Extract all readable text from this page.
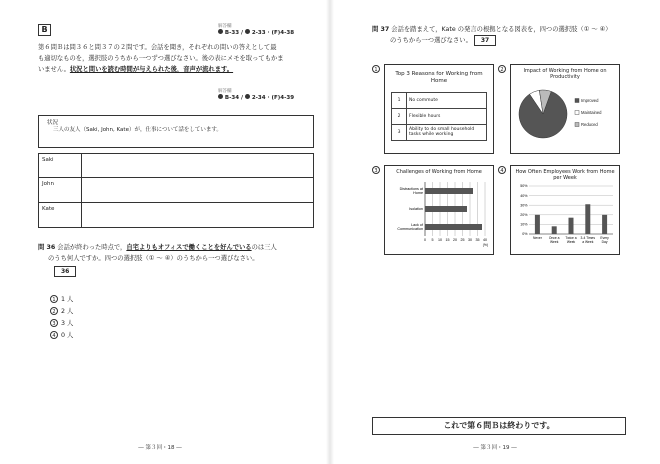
B	解答欄
B-33 /  2-33 · (F)4-38
第６問Ｂは問３６と問３７の２問です。会話を聞き，それぞれの問いの答えとして最
も適切なものを，選択肢のうちから一つずつ選びなさい。後の表にメモを取ってもかま
いません。状況と問いを読む時間が与えられた後，音声が流れます。
解答欄
B-34 /  2-34 · (F)4-39
状況
三人の友人（Saki, John, Kate）が，仕事について話をしています。
Saki
John
Kate
問 36 会話が終わった時点で，自宅よりもオフィスで働くことを好んでいるのは三人
のうち何人ですか。四つの選択肢（① ～ ④）のうちから一つ選びなさい。
36
1 1 人
2 2 人
3 3 人
4 0 人
― 第３回・18 ―
問 37 会話を踏まえて，Kate の発言の根拠となる図表を，四つの選択肢（① ～ ④）
のうちから一つ選びなさい。 37
1
Top 3 Reasons for Working from Home
1	No commute
2	Flexible hours
3	Ability to do small household tasks while working
2	Impact of Working from Home on Productivity
Improved
Maintained
Reduced
3	Challenges of Working from Home
0 5 10 15 20 25 30 35 40
(%)
Distractions at Home
Isolation
Lack of Communication
4	How Often Employees Work from Home per Week
0%
10%
20%
30%
40%
50%
Never Once a Week
Twice a Week
3-4 Times a Week
Every Day
これで第６問Ｂは終わりです。
― 第３回・19 ―
